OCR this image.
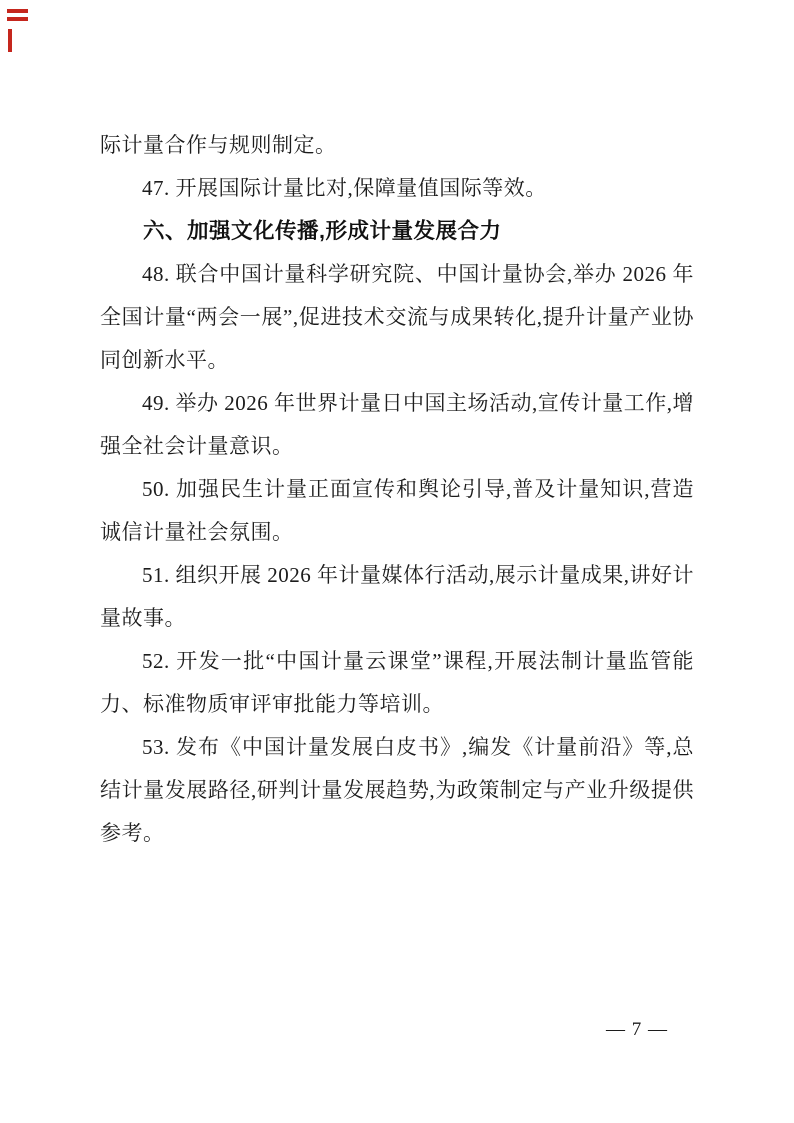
际计量合作与规则制定。

47. 开展国际计量比对,保障量值国际等效。

六、加强文化传播,形成计量发展合力

48. 联合中国计量科学研究院、中国计量协会,举办 2026 年全国计量“两会一展”,促进技术交流与成果转化,提升计量产业协同创新水平。

49. 举办 2026 年世界计量日中国主场活动,宣传计量工作,增强全社会计量意识。

50. 加强民生计量正面宣传和舆论引导,普及计量知识,营造诚信计量社会氛围。

51. 组织开展 2026 年计量媒体行活动,展示计量成果,讲好计量故事。

52. 开发一批“中国计量云课堂”课程,开展法制计量监管能力、标准物质审评审批能力等培训。

53. 发布《中国计量发展白皮书》,编发《计量前沿》等,总结计量发展路径,研判计量发展趋势,为政策制定与产业升级提供参考。

— 7 —
